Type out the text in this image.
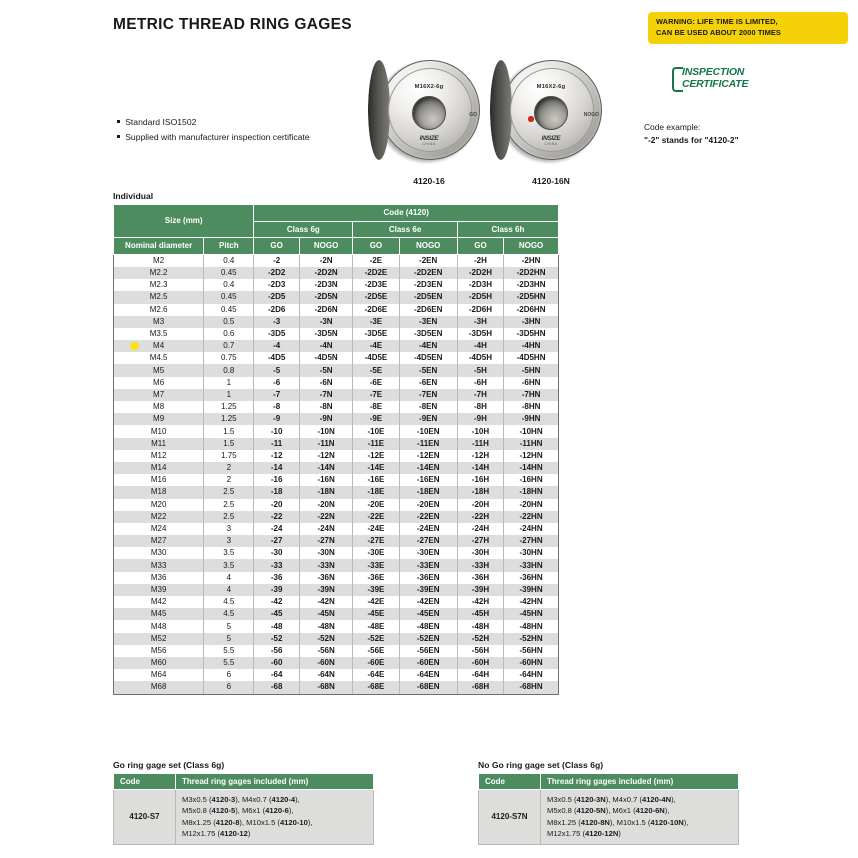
METRIC THREAD RING GAGES	WARNING: LIFE TIME IS LIMITED,
CAN BE USED ABOUT 2000 TIMES
INSPECTION
CERTIFICATE
Code example:
"-2" stands for "4120-2"
Standard ISO1502
Supplied with manufacturer inspection certificate
M16X2-6g
GO
INSIZE
CHINA
4120-16
M16X2-6g
NOGO
INSIZE
CHINA
4120-16N
Individual
Size (mm)		Code (4120)					
		Class 6g		Class 6e		Class 6h	
Nominal diameter	Pitch	GO	NOGO	GO	NOGO	GO	NOGO
M2	0.4	-2	-2N	-2E	-2EN	-2H	-2HN
M2.2	0.45	-2D2	-2D2N	-2D2E	-2D2EN	-2D2H	-2D2HN
M2.3	0.4	-2D3	-2D3N	-2D3E	-2D3EN	-2D3H	-2D3HN
M2.5	0.45	-2D5	-2D5N	-2D5E	-2D5EN	-2D5H	-2D5HN
M2.6	0.45	-2D6	-2D6N	-2D6E	-2D6EN	-2D6H	-2D6HN
M3	0.5	-3	-3N	-3E	-3EN	-3H	-3HN
M3.5	0.6	-3D5	-3D5N	-3D5E	-3D5EN	-3D5H	-3D5HN
M4	0.7	-4	-4N	-4E	-4EN	-4H	-4HN
M4.5	0.75	-4D5	-4D5N	-4D5E	-4D5EN	-4D5H	-4D5HN
M5	0.8	-5	-5N	-5E	-5EN	-5H	-5HN
M6	1	-6	-6N	-6E	-6EN	-6H	-6HN
M7	1	-7	-7N	-7E	-7EN	-7H	-7HN
M8	1.25	-8	-8N	-8E	-8EN	-8H	-8HN
M9	1.25	-9	-9N	-9E	-9EN	-9H	-9HN
M10	1.5	-10	-10N	-10E	-10EN	-10H	-10HN
M11	1.5	-11	-11N	-11E	-11EN	-11H	-11HN
M12	1.75	-12	-12N	-12E	-12EN	-12H	-12HN
M14	2	-14	-14N	-14E	-14EN	-14H	-14HN
M16	2	-16	-16N	-16E	-16EN	-16H	-16HN
M18	2.5	-18	-18N	-18E	-18EN	-18H	-18HN
M20	2.5	-20	-20N	-20E	-20EN	-20H	-20HN
M22	2.5	-22	-22N	-22E	-22EN	-22H	-22HN
M24	3	-24	-24N	-24E	-24EN	-24H	-24HN
M27	3	-27	-27N	-27E	-27EN	-27H	-27HN
M30	3.5	-30	-30N	-30E	-30EN	-30H	-30HN
M33	3.5	-33	-33N	-33E	-33EN	-33H	-33HN
M36	4	-36	-36N	-36E	-36EN	-36H	-36HN
M39	4	-39	-39N	-39E	-39EN	-39H	-39HN
M42	4.5	-42	-42N	-42E	-42EN	-42H	-42HN
M45	4.5	-45	-45N	-45E	-45EN	-45H	-45HN
M48	5	-48	-48N	-48E	-48EN	-48H	-48HN
M52	5	-52	-52N	-52E	-52EN	-52H	-52HN
M56	5.5	-56	-56N	-56E	-56EN	-56H	-56HN
M60	5.5	-60	-60N	-60E	-60EN	-60H	-60HN
M64	6	-64	-64N	-64E	-64EN	-64H	-64HN
M68	6	-68	-68N	-68E	-68EN	-68H	-68HN
Go ring gage set (Class 6g)
Code	Thread ring gages included (mm)
4120-S7	M3x0.5 (4120-3), M4x0.7 (4120-4),
M5x0.8 (4120-5), M6x1 (4120-6),
M8x1.25 (4120-8), M10x1.5 (4120-10),
M12x1.75 (4120-12)
No Go ring gage set (Class 6g)
Code	Thread ring gages included (mm)
4120-S7N	M3x0.5 (4120-3N), M4x0.7 (4120-4N),
M5x0.8 (4120-5N), M6x1 (4120-6N),
M8x1.25 (4120-8N), M10x1.5 (4120-10N),
M12x1.75 (4120-12N)
